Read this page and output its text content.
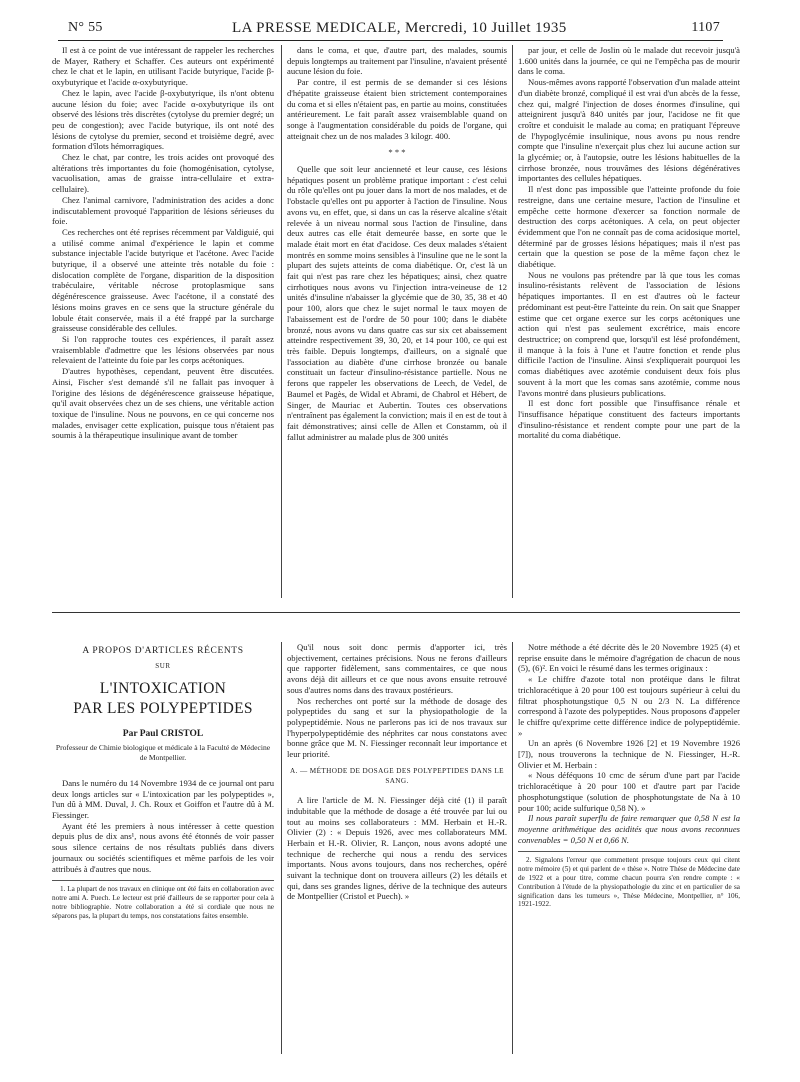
N° 55	LA PRESSE MEDICALE, Mercredi, 10 Juillet 1935	1107

Il est à ce point de vue intéressant de rappeler les recherches de Mayer, Rathery et Schaffer. Ces auteurs ont expérimenté chez le chat et le lapin, en utilisant l'acide butyrique, l'acide β-oxybutyrique et l'acide α-oxybutyrique.

Chez le lapin, avec l'acide β-oxybutyrique, ils n'ont obtenu aucune lésion du foie; avec l'acide α-oxybutyrique ils ont observé des lésions très discrètes (cytolyse du premier degré; un peu de congestion); avec l'acide butyrique, ils ont noté des lésions de cytolyse du premier, second et troisième degré, avec formation d'îlots hémorragiques.

Chez le chat, par contre, les trois acides ont provoqué des altérations très importantes du foie (homogénisation, cytolyse, vacuolisation, amas de graisse intra-cellulaire et extra-cellulaire).

Chez l'animal carnivore, l'administration des acides a donc indiscutablement provoqué l'apparition de lésions sérieuses du foie.

Ces recherches ont été reprises récemment par Valdiguié, qui a utilisé comme animal d'expérience le lapin et comme substance injectable l'acide butyrique et l'acétone. Avec l'acide butyrique, il a observé une atteinte très notable du foie : dislocation complète de l'organe, disparition de la disposition trabéculaire, véritable nécrose protoplasmique sans dégénérescence graisseuse. Avec l'acétone, il a constaté des lésions moins graves en ce sens que la structure générale du lobule était conservée, mais il a été frappé par la surcharge graisseuse considérable des cellules.

Si l'on rapproche toutes ces expériences, il paraît assez vraisemblable d'admettre que les lésions observées par nous relevaient de l'atteinte du foie par les corps acétoniques.

D'autres hypothèses, cependant, peuvent être discutées. Ainsi, Fischer s'est demandé s'il ne fallait pas invoquer à l'origine des lésions de dégénérescence graisseuse hépatique, qu'il avait observées chez un de ses chiens, une véritable action toxique de l'insuline. Nous ne pouvons, en ce qui concerne nos malades, envisager cette explication, puisque tous n'étaient pas soumis à la thérapeutique insulinique avant de tomber

dans le coma, et que, d'autre part, des malades, soumis depuis longtemps au traitement par l'insuline, n'avaient présenté aucune lésion du foie.

Par contre, il est permis de se demander si ces lésions d'hépatite graisseuse étaient bien strictement contemporaines du coma et si elles n'étaient pas, en partie au moins, constituées antérieurement. Le fait paraît assez vraisemblable quand on songe à l'augmentation considérable du poids de l'organe, qui atteignait chez un de nos malades 3 kilogr. 400.

* * *

Quelle que soit leur ancienneté et leur cause, ces lésions hépatiques posent un problème pratique important : c'est celui du rôle qu'elles ont pu jouer dans la mort de nos malades, et de l'obstacle qu'elles ont pu apporter à l'action de l'insuline. Nous avons vu, en effet, que, si dans un cas la réserve alcaline s'était relevée à un niveau normal sous l'action de l'insuline, dans deux autres cas elle était demeurée basse, en sorte que le malade était mort en état d'acidose. Ces deux malades s'étaient montrés en somme moins sensibles à l'insuline que ne le sont la plupart des sujets atteints de coma diabétique. Or, c'est là un fait qui n'est pas rare chez les hépatiques; ainsi, chez quatre cirrhotiques nous avons vu l'injection intra-veineuse de 12 unités d'insuline n'abaisser la glycémie que de 30, 35, 38 et 40 pour 100, alors que chez le sujet normal le taux moyen de l'abaissement est de l'ordre de 50 pour 100; dans le diabète bronzé, nous avons vu dans quatre cas sur six cet abaissement atteindre respectivement 39, 30, 20, et 14 pour 100, ce qui est très faible. Depuis longtemps, d'ailleurs, on a signalé que l'association au diabète d'une cirrhose bronzée ou banale constituait un facteur d'insulino-résistance partielle. Nous ne ferons que rappeler les observations de Leech, de Vedel, de Baumel et Pagès, de Widal et Abrami, de Chabrol et Hébert, de Singer, de Mauriac et Aubertin. Toutes ces observations n'entraînent pas également la conviction; mais il en est de tout à fait démonstratives; ainsi celle de Allen et Constamm, où il fallut administrer au malade plus de 300 unités

par jour, et celle de Joslin où le malade dut recevoir jusqu'à 1.600 unités dans la journée, ce qui ne l'empêcha pas de mourir dans le coma.

Nous-mêmes avons rapporté l'observation d'un malade atteint d'un diabète bronzé, compliqué il est vrai d'un abcès de la fesse, chez qui, malgré l'injection de doses énormes d'insuline, qui atteignirent jusqu'à 840 unités par jour, l'acidose ne fit que croître et conduisit le malade au coma; en pratiquant l'épreuve de l'hypoglycémie insulinique, nous avons pu nous rendre compte que l'insuline n'exerçait plus chez lui aucune action sur la glycémie; or, à l'autopsie, outre les lésions habituelles de la cirrhose bronzée, nous trouvâmes des lésions dégénératives importantes des cellules hépatiques.

Il n'est donc pas impossible que l'atteinte profonde du foie restreigne, dans une certaine mesure, l'action de l'insuline et empêche cette hormone d'exercer sa fonction normale de destruction des corps acétoniques. A cela, on peut objecter évidemment que l'on ne connaît pas de coma acidosique mortel, déterminé par de grosses lésions hépatiques; mais il n'est pas certain que la question se pose de la même façon chez le diabétique.

Nous ne voulons pas prétendre par là que tous les comas insulino-résistants relèvent de l'association de lésions hépatiques importantes. Il en est d'autres où le facteur prédominant est peut-être l'atteinte du rein. On sait que Snapper estime que cet organe exerce sur les corps acétoniques une action qui n'est pas seulement excrétrice, mais encore destructrice; on comprend que, lorsqu'il est lésé profondément, il manque à la fois à l'une et l'autre fonction et rende plus difficile l'action de l'insuline. Ainsi s'expliquerait pourquoi les comas diabétiques avec azotémie conduisent deux fois plus souvent à la mort que les comas sans azotémie, comme nous l'avons montré dans plusieurs publications.

Il est donc fort possible que l'insuffisance rénale et l'insuffisance hépatique constituent des facteurs importants d'insulino-résistance et rendent compte pour une part de la mortalité du coma diabétique.

A PROPOS D'ARTICLES RÉCENTS
SUR
L'INTOXICATION
PAR LES POLYPEPTIDES
Par Paul CRISTOL
Professeur de Chimie biologique et médicale à la Faculté de Médecine de Montpellier.

Dans le numéro du 14 Novembre 1934 de ce journal ont paru deux longs articles sur « L'intoxication par les polypeptides », l'un dû à MM. Duval, J. Ch. Roux et Goiffon et l'autre dû à M. Fiessinger.

Ayant été les premiers à nous intéresser à cette question depuis plus de dix ans¹, nous avons été étonnés de voir passer sous silence certains de nos résultats publiés dans divers journaux ou sociétés scientifiques et même parfois de les voir attribués à d'autres que nous.

1. La plupart de nos travaux en clinique ont été faits en collaboration avec notre ami A. Puech. Le lecteur est prié d'ailleurs de se rapporter pour cela à notre bibliographie. Notre collaboration a été si cordiale que nous ne séparons pas, la plupart du temps, nos constatations faites ensemble.

Qu'il nous soit donc permis d'apporter ici, très objectivement, certaines précisions. Nous ne ferons d'ailleurs que rapporter fidèlement, sans commentaires, ce que nous avons déjà dit ailleurs et ce que nous avons ensuite retrouvé sous d'autres noms dans des travaux postérieurs.

Nos recherches ont porté sur la méthode de dosage des polypeptides du sang et sur la physiopathologie de la polypeptidémie. Nous ne parlerons pas ici de nos travaux sur l'hyperpolypeptidémie des néphrites car nous constatons avec bonne grâce que M. N. Fiessinger reconnaît leur importance et leur priorité.

A. — MÉTHODE DE DOSAGE DES POLYPEPTIDES DANS LE SANG.

A lire l'article de M. N. Fiessinger déjà cité (1) il paraît indubitable que la méthode de dosage a été trouvée par lui ou tout au moins ses collaborateurs : MM. Herbain et H.-R. Olivier (2) : « Depuis 1926, avec mes collaborateurs MM. Herbain et H.-R. Olivier, R. Lançon, nous avons adopté une technique de recherche qui nous a rendu des services importants. Nous avons toujours, dans nos recherches, opéré suivant la technique dont on trouvera ailleurs (2) les détails et qui, dans ses grandes lignes, dérive de la technique des auteurs de Montpellier (Cristol et Puech). »

Notre méthode a été décrite dès le 20 Novembre 1925 (4) et reprise ensuite dans le mémoire d'agrégation de chacun de nous (5), (6)². En voici le résumé dans les termes originaux :

« Le chiffre d'azote total non protéique dans le filtrat trichloracétique à 20 pour 100 est toujours supérieur à celui du filtrat phosphotungstique 0,5 N ou 2/3 N. La différence correspond à l'azote des polypeptides. Nous proposons d'appeler le chiffre qu'exprime cette différence indice de polypeptidémie. »

Un an après (6 Novembre 1926 [2] et 19 Novembre 1926 [7]), nous trouverons la technique de N. Fiessinger, H.-R. Olivier et M. Herbain :

« Nous déféquons 10 cmc de sérum d'une part par l'acide trichloracétique à 20 pour 100 et d'autre part par l'acide phosphotungstique (solution de phosphotungstate de Na à 10 pour 100; acide sulfurique 0,58 N). »

Il nous paraît superflu de faire remarquer que 0,58 N est la moyenne arithmétique des acidités que nous avons reconnues convenables = 0,50 N et 0,66 N.

2. Signalons l'erreur que commettent presque toujours ceux qui citent notre mémoire (5) et qui parlent de « thèse ». Notre Thèse de Médecine date de 1922 et a pour titre, comme chacun pourra s'en rendre compte : « Contribution à l'étude de la physiopathologie du zinc et en particulier de sa signification dans les tumeurs », Thèse Médecine, Montpellier, n° 106, 1921-1922.
